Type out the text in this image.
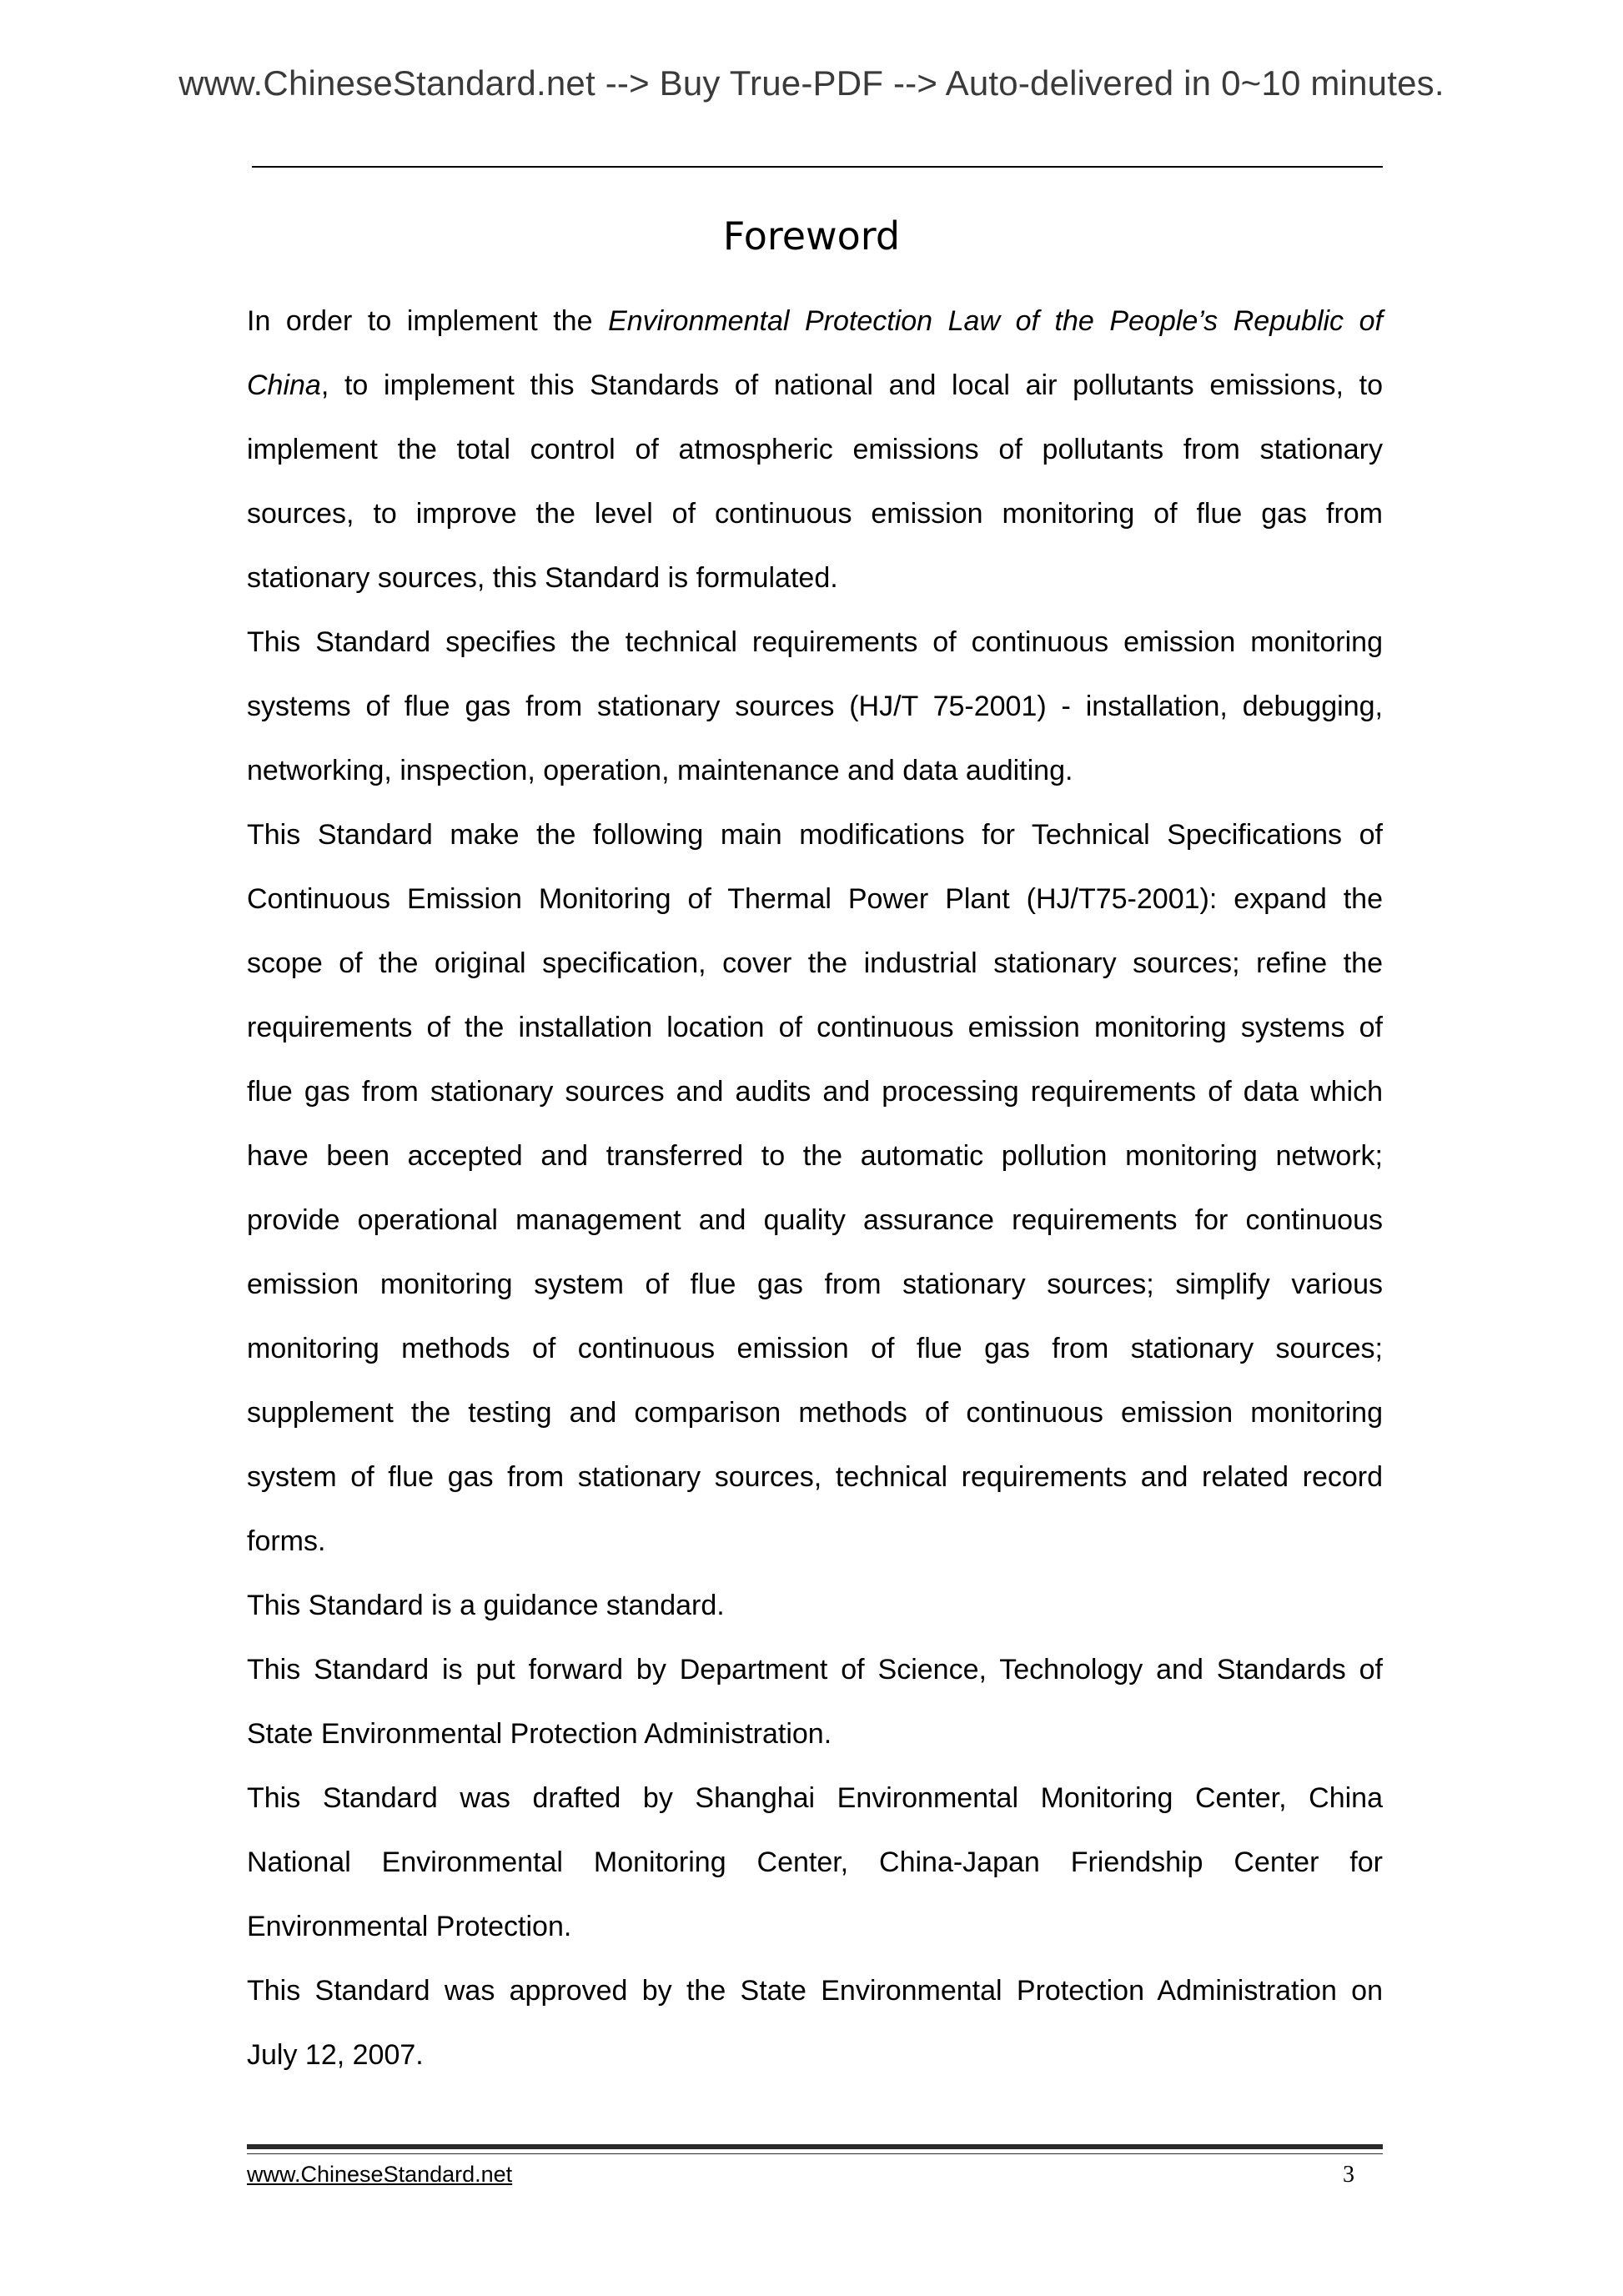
www.ChineseStandard.net --> Buy True-PDF --> Auto-delivered in 0~10 minutes.
Foreword

In order to implement the Environmental Protection Law of the People’s Republic of
China, to implement this Standards of national and local air pollutants emissions, to
implement the total control of atmospheric emissions of pollutants from stationary
sources, to improve the level of continuous emission monitoring of flue gas from
stationary sources, this Standard is formulated.

This Standard specifies the technical requirements of continuous emission monitoring
systems of flue gas from stationary sources (HJ/T 75-2001) - installation, debugging,
networking, inspection, operation, maintenance and data auditing.

This Standard make the following main modifications for Technical Specifications of
Continuous Emission Monitoring of Thermal Power Plant (HJ/T75-2001): expand the
scope of the original specification, cover the industrial stationary sources; refine the
requirements of the installation location of continuous emission monitoring systems of
flue gas from stationary sources and audits and processing requirements of data which
have been accepted and transferred to the automatic pollution monitoring network;
provide operational management and quality assurance requirements for continuous
emission monitoring system of flue gas from stationary sources; simplify various
monitoring methods of continuous emission of flue gas from stationary sources;
supplement the testing and comparison methods of continuous emission monitoring
system of flue gas from stationary sources, technical requirements and related record
forms.

This Standard is a guidance standard.

This Standard is put forward by Department of Science, Technology and Standards of
State Environmental Protection Administration.

This Standard was drafted by Shanghai Environmental Monitoring Center, China
National Environmental Monitoring Center, China-Japan Friendship Center for
Environmental Protection.

This Standard was approved by the State Environmental Protection Administration on
July 12, 2007.

www.ChineseStandard.net	3
